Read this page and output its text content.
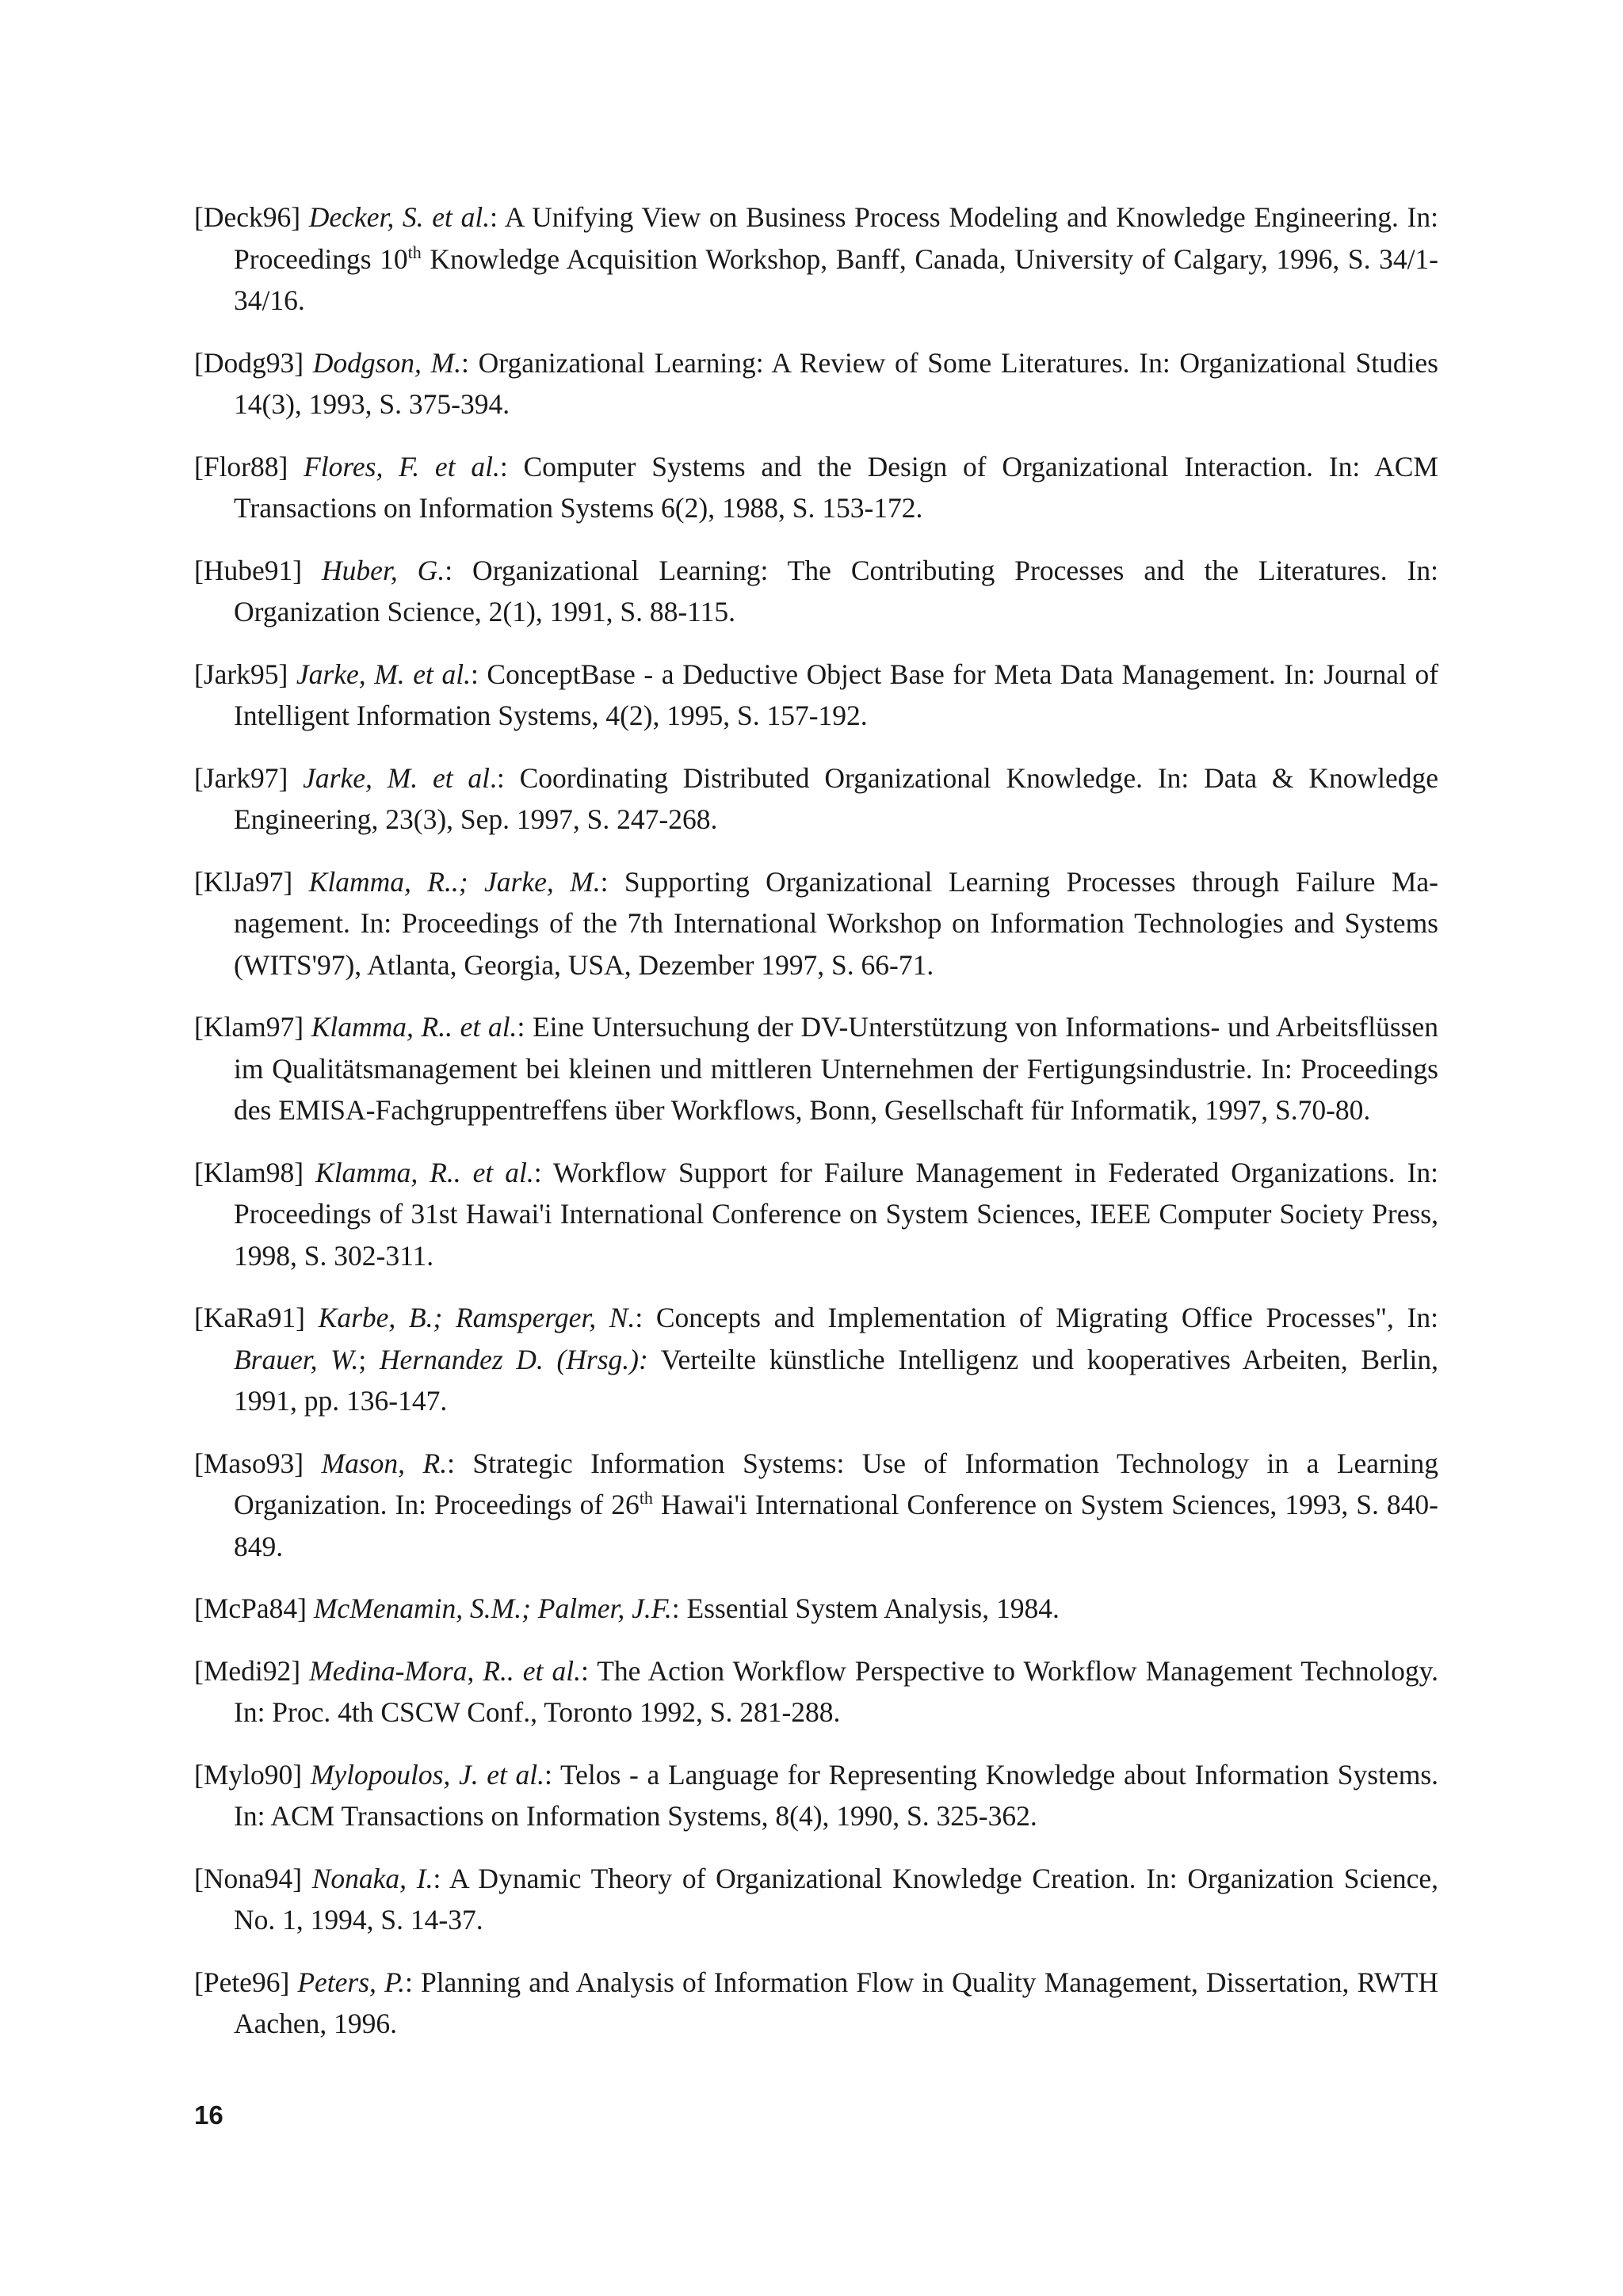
[Deck96] Decker, S. et al.: A Unifying View on Business Process Modeling and Knowledge Engineering. In: Proceedings 10th Knowledge Acquisition Workshop, Banff, Canada, University of Calgary, 1996, S. 34/1-34/16.

[Dodg93] Dodgson, M.: Organizational Learning: A Review of Some Literatures. In: Organizational Studies 14(3), 1993, S. 375-394.

[Flor88] Flores, F. et al.: Computer Systems and the Design of Organizational Interaction. In: ACM Transactions on Information Systems 6(2), 1988, S. 153-172.

[Hube91] Huber, G.: Organizational Learning: The Contributing Processes and the Literatures. In: Organization Science, 2(1), 1991, S. 88-115.

[Jark95] Jarke, M. et al.: ConceptBase - a Deductive Object Base for Meta Data Management. In: Journal of Intelligent Information Systems, 4(2), 1995, S. 157-192.

[Jark97] Jarke, M. et al.: Coordinating Distributed Organizational Knowledge. In: Data & Knowledge Engineering, 23(3), Sep. 1997, S. 247-268.

[KlJa97] Klamma, R..; Jarke, M.: Supporting Organizational Learning Processes through Failure Management. In: Proceedings of the 7th International Workshop on Information Technologies and Systems (WITS'97), Atlanta, Georgia, USA, Dezember 1997, S. 66-71.

[Klam97] Klamma, R.. et al.: Eine Untersuchung der DV-Unterstützung von Informations- und Arbeitsflüssen im Qualitätsmanagement bei kleinen und mittleren Unternehmen der Fertigungsindustrie. In: Proceedings des EMISA-Fachgruppentreffens über Workflows, Bonn, Gesellschaft für Informatik, 1997, S.70-80.

[Klam98] Klamma, R.. et al.: Workflow Support for Failure Management in Federated Organizations. In: Proceedings of 31st Hawai'i International Conference on System Sciences, IEEE Computer Society Press, 1998, S. 302-311.

[KaRa91] Karbe, B.; Ramsperger, N.: Concepts and Implementation of Migrating Office Processes", In: Brauer, W.; Hernandez D. (Hrsg.): Verteilte künstliche Intelligenz und kooperatives Arbeiten, Berlin, 1991, pp. 136-147.

[Maso93] Mason, R.: Strategic Information Systems: Use of Information Technology in a Learning Organization. In: Proceedings of 26th Hawai'i International Conference on System Sciences, 1993, S. 840-849.

[McPa84] McMenamin, S.M.; Palmer, J.F.: Essential System Analysis, 1984.

[Medi92] Medina-Mora, R.. et al.: The Action Workflow Perspective to Workflow Management Technology. In: Proc. 4th CSCW Conf., Toronto 1992, S. 281-288.

[Mylo90] Mylopoulos, J. et al.: Telos - a Language for Representing Knowledge about Information Systems. In: ACM Transactions on Information Systems, 8(4), 1990, S. 325-362.

[Nona94] Nonaka, I.: A Dynamic Theory of Organizational Knowledge Creation. In: Organization Science, No. 1, 1994, S. 14-37.

[Pete96] Peters, P.: Planning and Analysis of Information Flow in Quality Management, Dissertation, RWTH Aachen, 1996.

16
